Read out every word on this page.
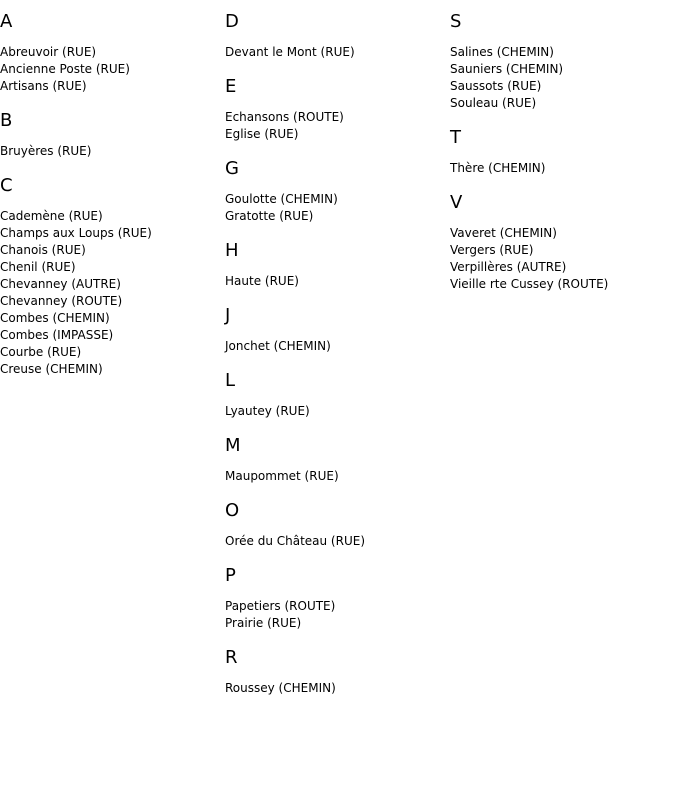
A
Abreuvoir (RUE)
Ancienne Poste (RUE)
Artisans (RUE)
B
Bruyères (RUE)
C
Cademène (RUE)
Champs aux Loups (RUE)
Chanois (RUE)
Chenil (RUE)
Chevanney (AUTRE)
Chevanney (ROUTE)
Combes (CHEMIN)
Combes (IMPASSE)
Courbe (RUE)
Creuse (CHEMIN)
D
Devant le Mont (RUE)
E
Echansons (ROUTE)
Eglise (RUE)
G
Goulotte (CHEMIN)
Gratotte (RUE)
H
Haute (RUE)
J
Jonchet (CHEMIN)
L
Lyautey (RUE)
M
Maupommet (RUE)
O
Orée du Château (RUE)
P
Papetiers (ROUTE)
Prairie (RUE)
R
Roussey (CHEMIN)
S
Salines (CHEMIN)
Sauniers (CHEMIN)
Saussots (RUE)
Souleau (RUE)
T
Thère (CHEMIN)
V
Vaveret (CHEMIN)
Vergers (RUE)
Verpillères (AUTRE)
Vieille rte Cussey (ROUTE)
